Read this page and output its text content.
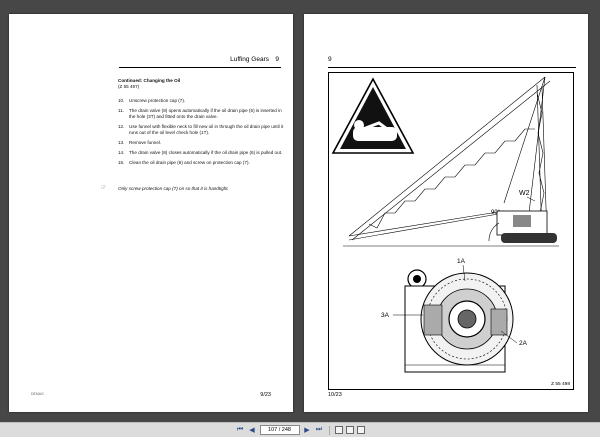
Luffing Gears 9
Continued: Changing the Oil
(Z 55 497)
10.	Unscrew protection cap (7).
11.	The drain valve (8) opens automatically if the oil drain pipe (6) is inserted in the hole (3T) and fitted onto the drain valve.
12.	Use funnel with flexible neck to fill new oil in through the oil drain pipe until it runs out of the oil level check hole (1T).
13.	Remove funnel.
14.	The drain valve (8) closes automatically if the oil drain pipe (6) is pulled out.
15.	Clean the oil drain pipe (6) and screw on protection cap (7).
☞	Only screw protection cap (7) on so that it is handtight.
DEMAG	9/23
9
90°
W2
1A
3A
2A
Z 55 498
10/23
⏮ ◀
107 / 248	▶ ⏭
